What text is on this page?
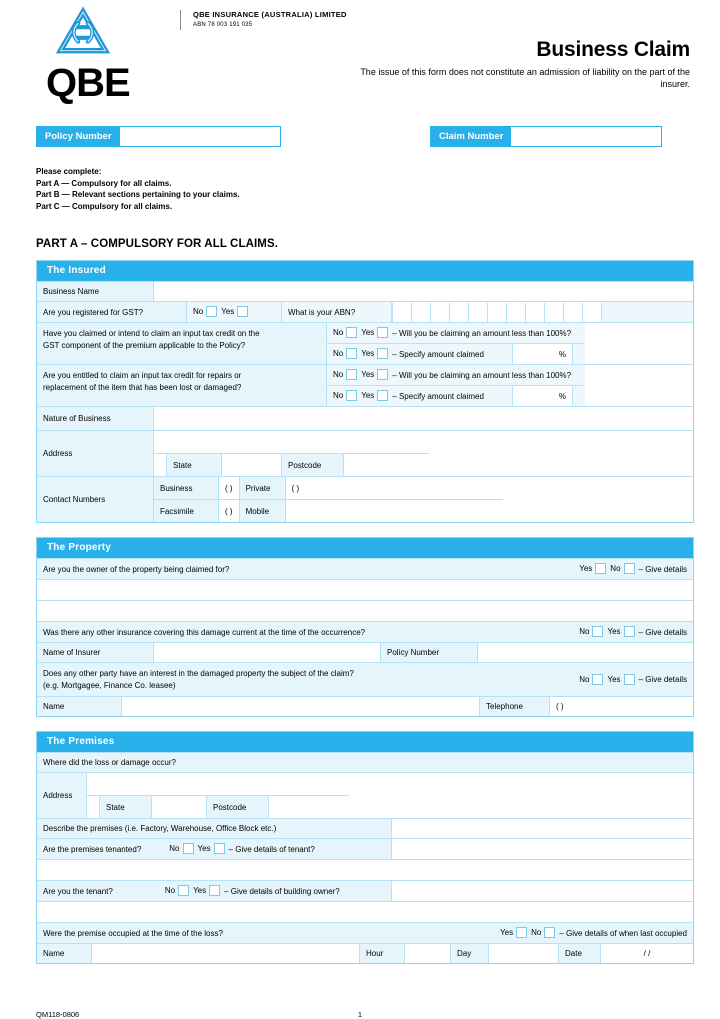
QBE
QBE INSURANCE (AUSTRALIA) LIMITED
ABN 78 003 191 035
Business Claim
The issue of this form does not constitute an admission of liability on the part of the insurer.
Policy Number	Claim Number
Please complete:
Part A — Compulsory for all claims.
Part B — Relevant sections pertaining to your claims.
Part C — Compulsory for all claims.
PART A – COMPULSORY FOR ALL CLAIMS.
The Insured
Business Name
Are you registered for GST?	No	Yes	What is your ABN?
Have you claimed or intend to claim an input tax credit on the
GST component of the premium applicable to the Policy?
No	Yes	– Will you be claiming an amount less than 100%?
No	Yes	– Specify amount claimed	%
Are you entitled to claim an input tax credit for repairs or
replacement of the item that has been lost or damaged?
No	Yes	– Will you be claiming an amount less than 100%?
No	Yes	– Specify amount claimed	%
Nature of Business
Address
State	Postcode
Contact Numbers
Business	( )	Private	( )
Facsimile	( )	Mobile
The Property
Are you the owner of the property being claimed for?	Yes	No	– Give details
Was there any other insurance covering this damage current at the time of the occurrence?	No	Yes	– Give details
Name of Insurer	Policy Number
Does any other party have an interest in the damaged property the subject of the claim?
(e.g. Mortgagee, Finance Co. leasee)
No	Yes	– Give details
Name	Telephone	( )
The Premises
Where did the loss or damage occur?
Address
State	Postcode
Describe the premises (i.e. Factory, Warehouse, Office Block etc.)
Are the premises tenanted?	No	Yes	– Give details of tenant?
Are you the tenant?	No	Yes	– Give details of building owner?
Were the premise occupied at the time of the loss?	Yes	No	– Give details of when last occupied
Name	Hour	Day	Date	/ /
QM118-0806	1
